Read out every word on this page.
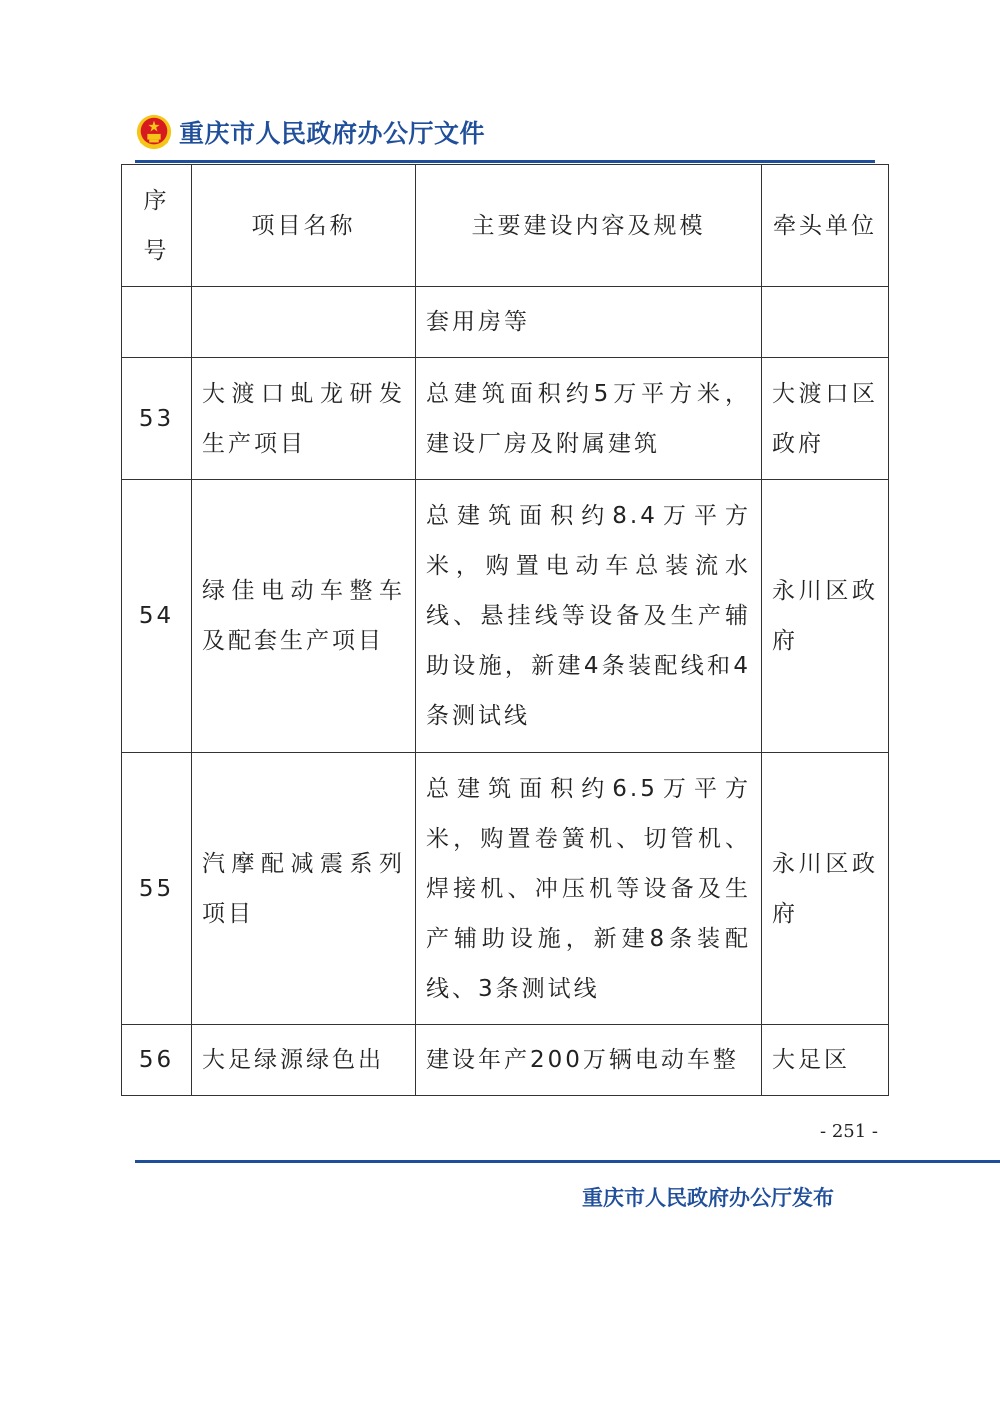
重庆市人民政府办公厅文件
序号	项目名称	主要建设内容及规模	牵头单位
		套用房等	
53	大渡口虬龙研发生产项目	总建筑面积约5万平方米，建设厂房及附属建筑	大渡口区政府
54	绿佳电动车整车及配套生产项目	总建筑面积约8.4万平方米，购置电动车总装流水线、悬挂线等设备及生产辅助设施，新建4条装配线和4条测试线	永川区政府
55	汽摩配减震系列项目	总建筑面积约6.5万平方米，购置卷簧机、切管机、焊接机、冲压机等设备及生产辅助设施，新建8条装配线、3条测试线	永川区政府
56	大足绿源绿色出	建设年产200万辆电动车整	大足区
- 251 -
重庆市人民政府办公厅发布
